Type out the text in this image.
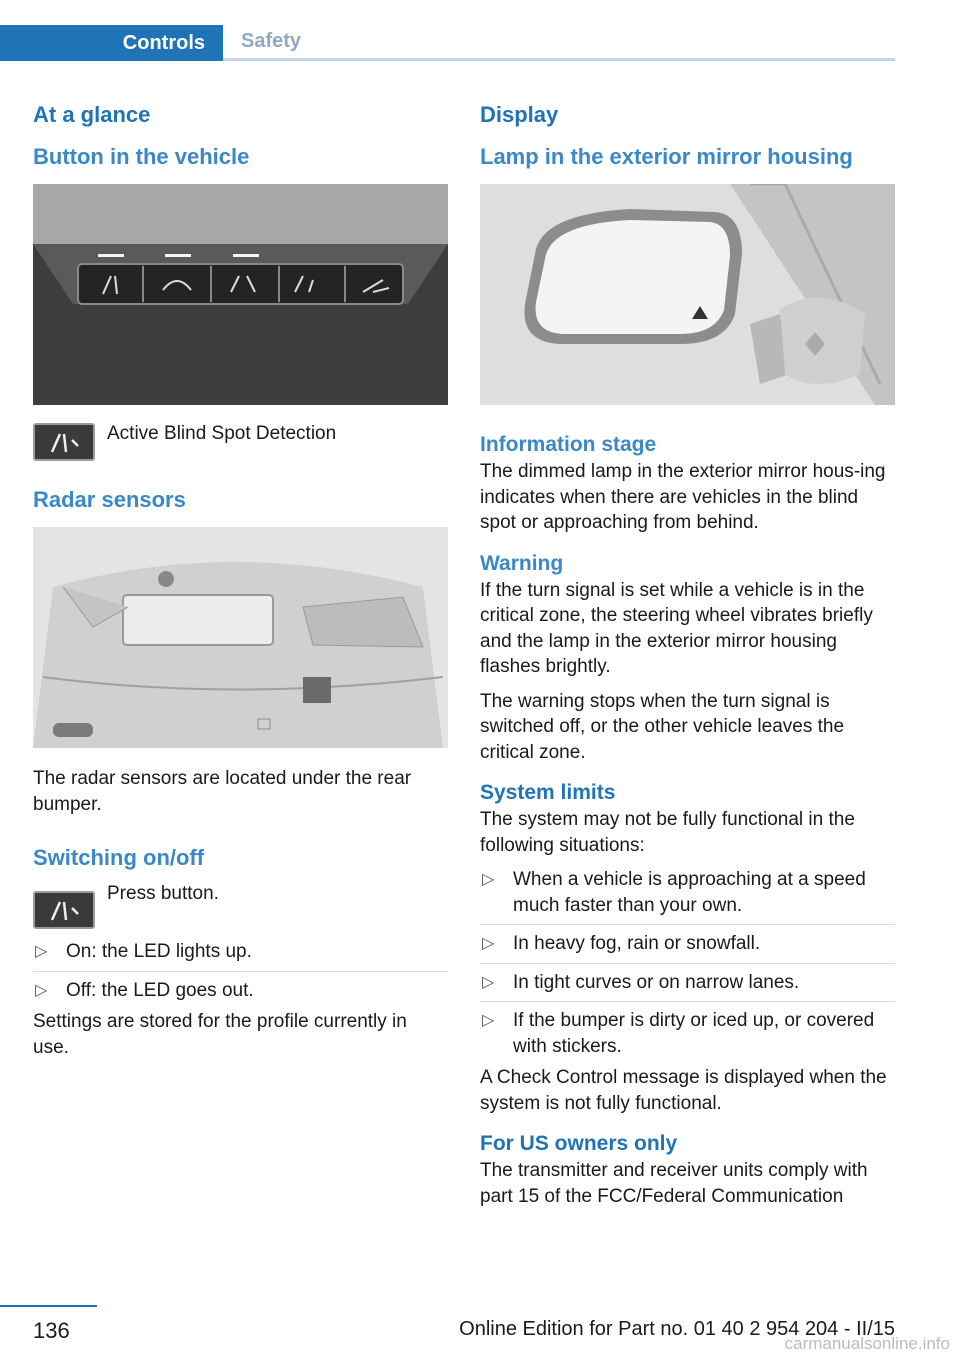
Controls	Safety
At a glance
Button in the vehicle

Active Blind Spot Detection

Radar sensors

The radar sensors are located under the rear bumper.

Switching on/off

Press button.

▷ On: the LED lights up.
▷ Off: the LED goes out.

Settings are stored for the profile currently in use.

Display
Lamp in the exterior mirror housing
Information stage

The dimmed lamp in the exterior mirror hous‐ing indicates when there are vehicles in the blind spot or approaching from behind.

Warning

If the turn signal is set while a vehicle is in the critical zone, the steering wheel vibrates briefly and the lamp in the exterior mirror housing flashes brightly.

The warning stops when the turn signal is switched off, or the other vehicle leaves the critical zone.

System limits

The system may not be fully functional in the following situations:

▷ When a vehicle is approaching at a speed much faster than your own.
▷ In heavy fog, rain or snowfall.
▷ In tight curves or on narrow lanes.
▷ If the bumper is dirty or iced up, or covered with stickers.

A Check Control message is displayed when the system is not fully functional.

For US owners only

The transmitter and receiver units comply with part 15 of the FCC/Federal Communication

136	Online Edition for Part no. 01 40 2 954 204 - II/15
carmanualsonline.info
